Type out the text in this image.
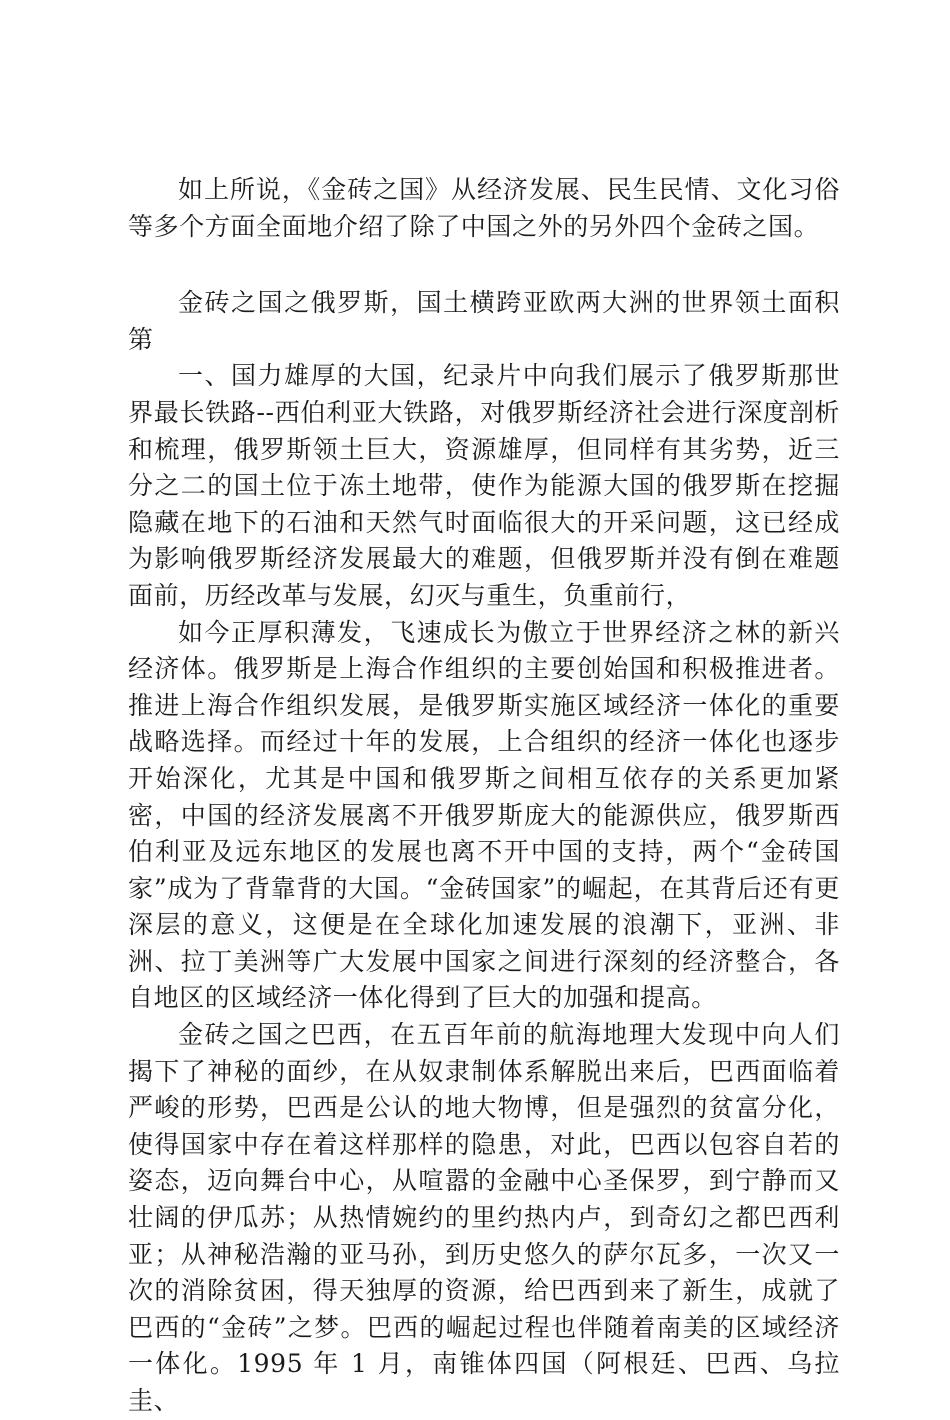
如上所说，《金砖之国》从经济发展、民生民情、文化习俗等多个方面全面地介绍了除了中国之外的另外四个金砖之国。

金砖之国之俄罗斯，国土横跨亚欧两大洲的世界领土面积第

一、国力雄厚的大国，纪录片中向我们展示了俄罗斯那世界最长铁路--西伯利亚大铁路，对俄罗斯经济社会进行深度剖析和梳理，俄罗斯领土巨大，资源雄厚，但同样有其劣势，近三分之二的国土位于冻土地带，使作为能源大国的俄罗斯在挖掘隐藏在地下的石油和天然气时面临很大的开采问题，这已经成为影响俄罗斯经济发展最大的难题，但俄罗斯并没有倒在难题面前，历经改革与发展，幻灭与重生，负重前行，

如今正厚积薄发，飞速成长为傲立于世界经济之林的新兴经济体。俄罗斯是上海合作组织的主要创始国和积极推进者。推进上海合作组织发展，是俄罗斯实施区域经济一体化的重要战略选择。而经过十年的发展，上合组织的经济一体化也逐步开始深化，尤其是中国和俄罗斯之间相互依存的关系更加紧密，中国的经济发展离不开俄罗斯庞大的能源供应，俄罗斯西伯利亚及远东地区的发展也离不开中国的支持，两个“金砖国家”成为了背靠背的大国。“金砖国家”的崛起，在其背后还有更深层的意义，这便是在全球化加速发展的浪潮下，亚洲、非洲、拉丁美洲等广大发展中国家之间进行深刻的经济整合，各自地区的区域经济一体化得到了巨大的加强和提高。

金砖之国之巴西，在五百年前的航海地理大发现中向人们揭下了神秘的面纱，在从奴隶制体系解脱出来后，巴西面临着严峻的形势，巴西是公认的地大物博，但是强烈的贫富分化，使得国家中存在着这样那样的隐患，对此，巴西以包容自若的姿态，迈向舞台中心，从喧嚣的金融中心圣保罗，到宁静而又壮阔的伊瓜苏；从热情婉约的里约热内卢，到奇幻之都巴西利亚；从神秘浩瀚的亚马孙，到历史悠久的萨尔瓦多，一次又一次的消除贫困，得天独厚的资源，给巴西到来了新生，成就了巴西的“金砖”之梦。巴西的崛起过程也伴随着南美的区域经济一体化。1995 年 1 月，南锥体四国（阿根廷、巴西、乌拉圭、
